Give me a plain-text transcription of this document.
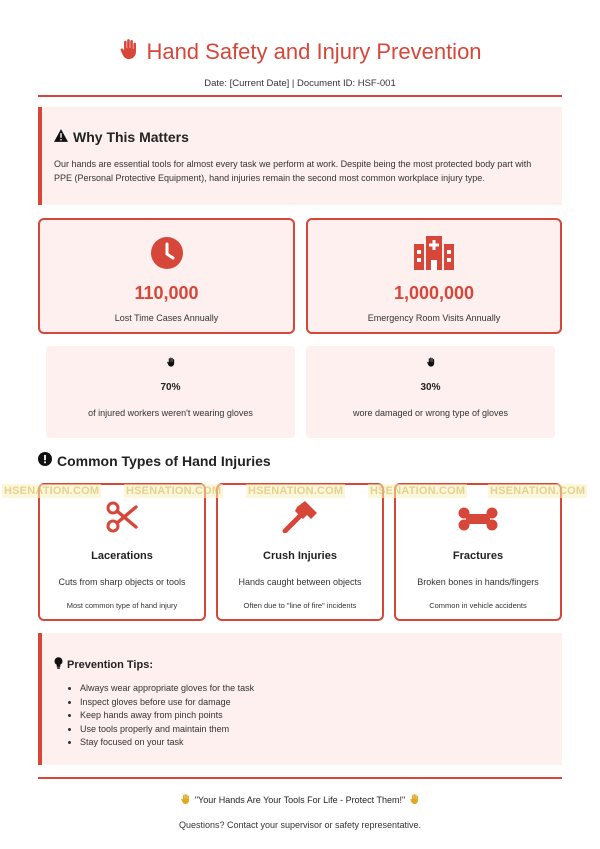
Hand Safety and Injury Prevention
Date: [Current Date] | Document ID: HSF-001
Why This Matters

Our hands are essential tools for almost every task we perform at work. Despite being the most protected body part with PPE (Personal Protective Equipment), hand injuries remain the second most common workplace injury type.

110,000
Lost Time Cases Annually
1,000,000
Emergency Room Visits Annually
70%
of injured workers weren't wearing gloves
30%
wore damaged or wrong type of gloves
Common Types of Hand Injuries
Lacerations
Cuts from sharp objects or tools
Most common type of hand injury
Crush Injuries
Hands caught between objects
Often due to "line of fire" incidents
Fractures
Broken bones in hands/fingers
Common in vehicle accidents
HSENATION.COM HSENATION.COM HSENATION.COM HSENATION.COM HSENATION.COM
Prevention Tips:
• Always wear appropriate gloves for the task
• Inspect gloves before use for damage
• Keep hands away from pinch points
• Use tools properly and maintain them
• Stay focused on your task
"Your Hands Are Your Tools For Life - Protect Them!"
Questions? Contact your supervisor or safety representative.
